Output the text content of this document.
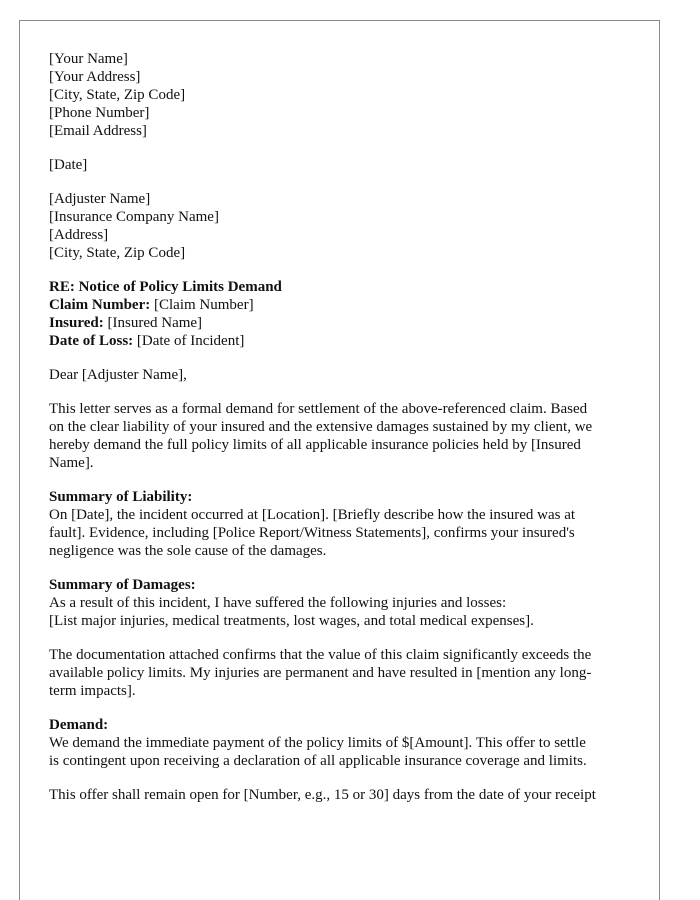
[Your Name]
[Your Address]
[City, State, Zip Code]
[Phone Number]
[Email Address]
[Date]
[Adjuster Name]
[Insurance Company Name]
[Address]
[City, State, Zip Code]
RE: Notice of Policy Limits Demand
Claim Number: [Claim Number]
Insured: [Insured Name]
Date of Loss: [Date of Incident]
Dear [Adjuster Name],
This letter serves as a formal demand for settlement of the above-referenced claim. Based
on the clear liability of your insured and the extensive damages sustained by my client, we
hereby demand the full policy limits of all applicable insurance policies held by [Insured
Name].
Summary of Liability:
On [Date], the incident occurred at [Location]. [Briefly describe how the insured was at
fault]. Evidence, including [Police Report/Witness Statements], confirms your insured's
negligence was the sole cause of the damages.
Summary of Damages:
As a result of this incident, I have suffered the following injuries and losses:
[List major injuries, medical treatments, lost wages, and total medical expenses].
The documentation attached confirms that the value of this claim significantly exceeds the
available policy limits. My injuries are permanent and have resulted in [mention any long-
term impacts].
Demand:
We demand the immediate payment of the policy limits of $[Amount]. This offer to settle
is contingent upon receiving a declaration of all applicable insurance coverage and limits.
This offer shall remain open for [Number, e.g., 15 or 30] days from the date of your receipt
